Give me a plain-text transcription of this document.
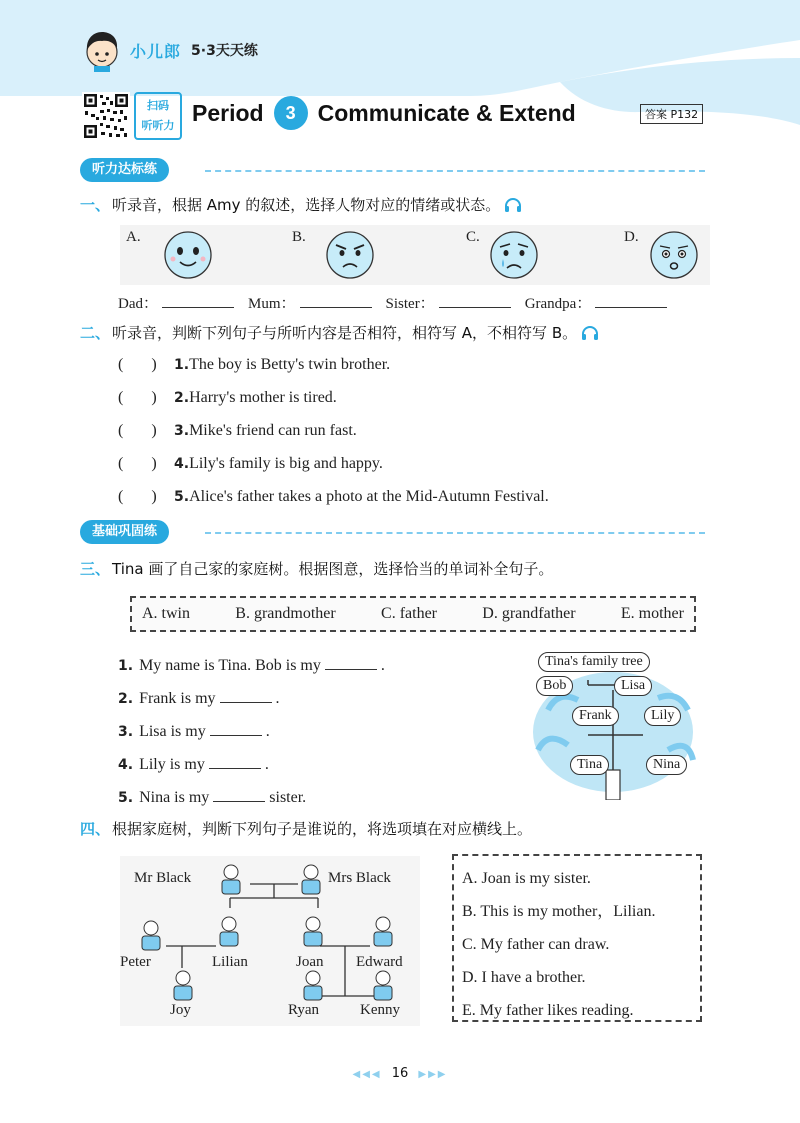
小儿郎 5·3天天练
扫码
听听力 Period	3 Communicate & Extend	答案 P132
听力达标练
一、 听录音，根据 Amy 的叙述，选择人物对应的情绪或状态。
A.	B.	C.	D.
Dad：	Mum：	Sister：	Grandpa：
二、 听录音，判断下列句子与所听内容是否相符，相符写 A，不相符写 B。
(       )	1. The boy is Betty's twin brother.
(       )	2. Harry's mother is tired.
(       )	3. Mike's friend can run fast.
(       )	4. Lily's family is big and happy.
(       )	5. Alice's father takes a photo at the Mid-Autumn Festival.
基础巩固练
三、 Tina 画了自己家的家庭树。根据图意，选择恰当的单词补全句子。
A. twin	B. grandmother	C. father	D. grandfather	E. mother
1. My name is Tina. Bob is my	.
2. Frank is my	.
3. Lisa is my	.
4. Lily is my	.
5. Nina is my	sister.
Tina's family tree
Bob	Lisa
Frank	Lily
Tina	Nina
四、 根据家庭树，判断下列句子是谁说的，将选项填在对应横线上。
Mr Black	Mrs Black
Peter	Lilian	Joan Edward
Joy	Ryan	Kenny
A. Joan is my sister.
B. This is my mother，Lilian.
C. My father can draw.
D. I have a brother.
E. My father likes reading.
◀◀◀ 16 ▶▶▶
